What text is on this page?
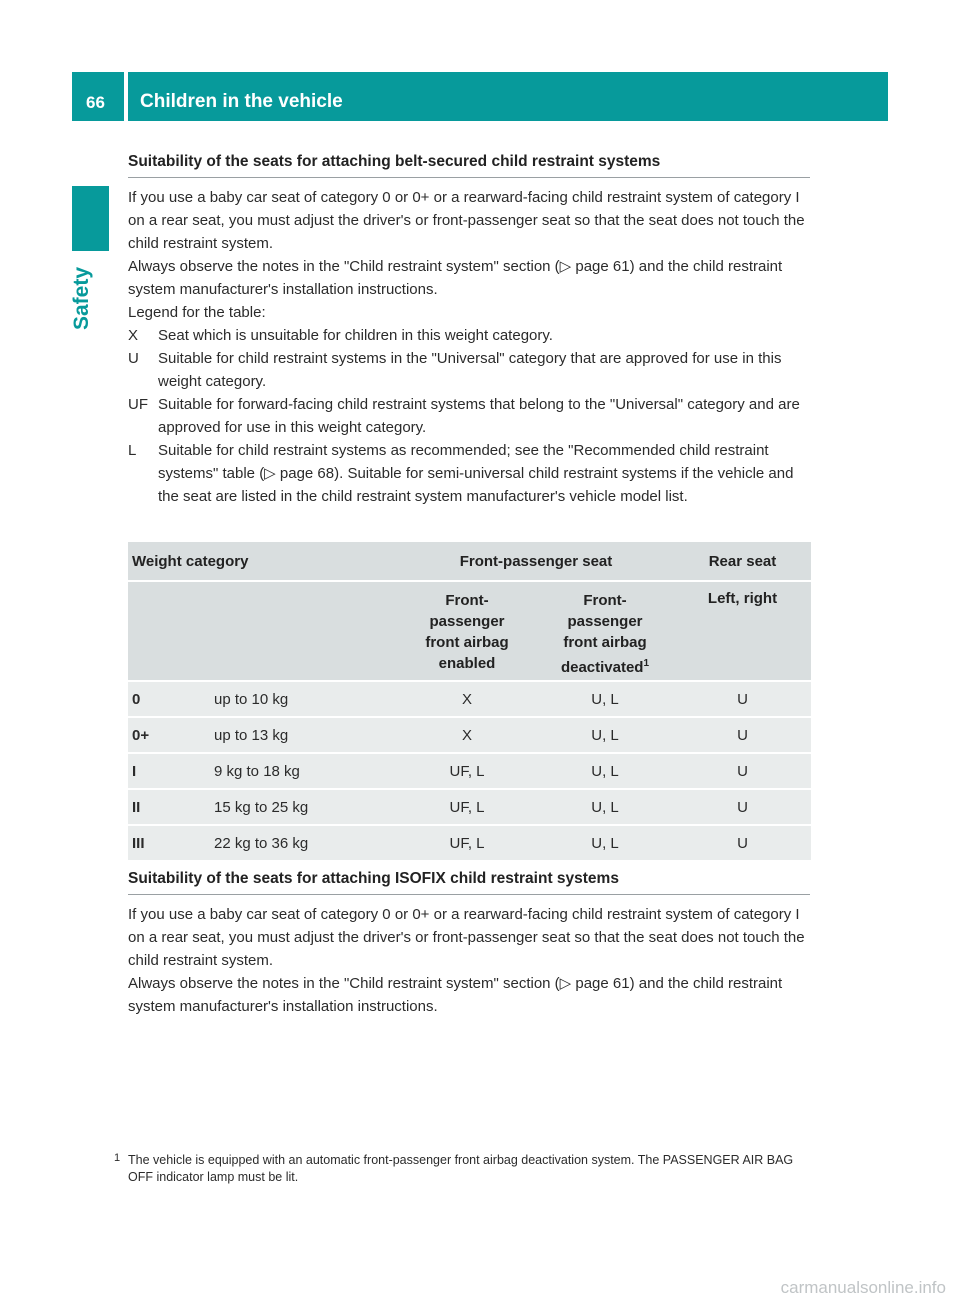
66	Children in the vehicle
Safety
Suitability of the seats for attaching belt-secured child restraint systems

If you use a baby car seat of category 0 or 0+ or a rearward-facing child restraint system of category I on a rear seat, you must adjust the driver's or front-passenger seat so that the seat does not touch the child restraint system.

Always observe the notes in the "Child restraint system" section (▷ page 61) and the child restraint system manufacturer's installation instructions.

Legend for the table:

X	Seat which is unsuitable for children in this weight category.
U	Suitable for child restraint systems in the "Universal" category that are approved for use in this weight category.
UF Suitable for forward-facing child restraint systems that belong to the "Universal" category and are approved for use in this weight category.
L	Suitable for child restraint systems as recommended; see the "Recommended child restraint systems" table (▷ page 68). Suitable for semi-universal child restraint systems if the vehicle and the seat are listed in the child restraint system manufacturer's vehicle model list.
Weight category		Front-passenger seat		Rear seat
		Front-passenger front airbag enabled	Front-passenger front airbag deactivated$^1$	Left, right
0	up to 10 kg	X	U, L	U
0+	up to 13 kg	X	U, L	U
I	9 kg to 18 kg	UF, L	U, L	U
II	15 kg to 25 kg	UF, L	U, L	U
III	22 kg to 36 kg	UF, L	U, L	U
Suitability of the seats for attaching ISOFIX child restraint systems

If you use a baby car seat of category 0 or 0+ or a rearward-facing child restraint system of category I on a rear seat, you must adjust the driver's or front-passenger seat so that the seat does not touch the child restraint system.

Always observe the notes in the "Child restraint system" section (▷ page 61) and the child restraint system manufacturer's installation instructions.

1 The vehicle is equipped with an automatic front-passenger front airbag deactivation system. The PASSENGER AIR BAG OFF indicator lamp must be lit.
carmanualsonline.info
